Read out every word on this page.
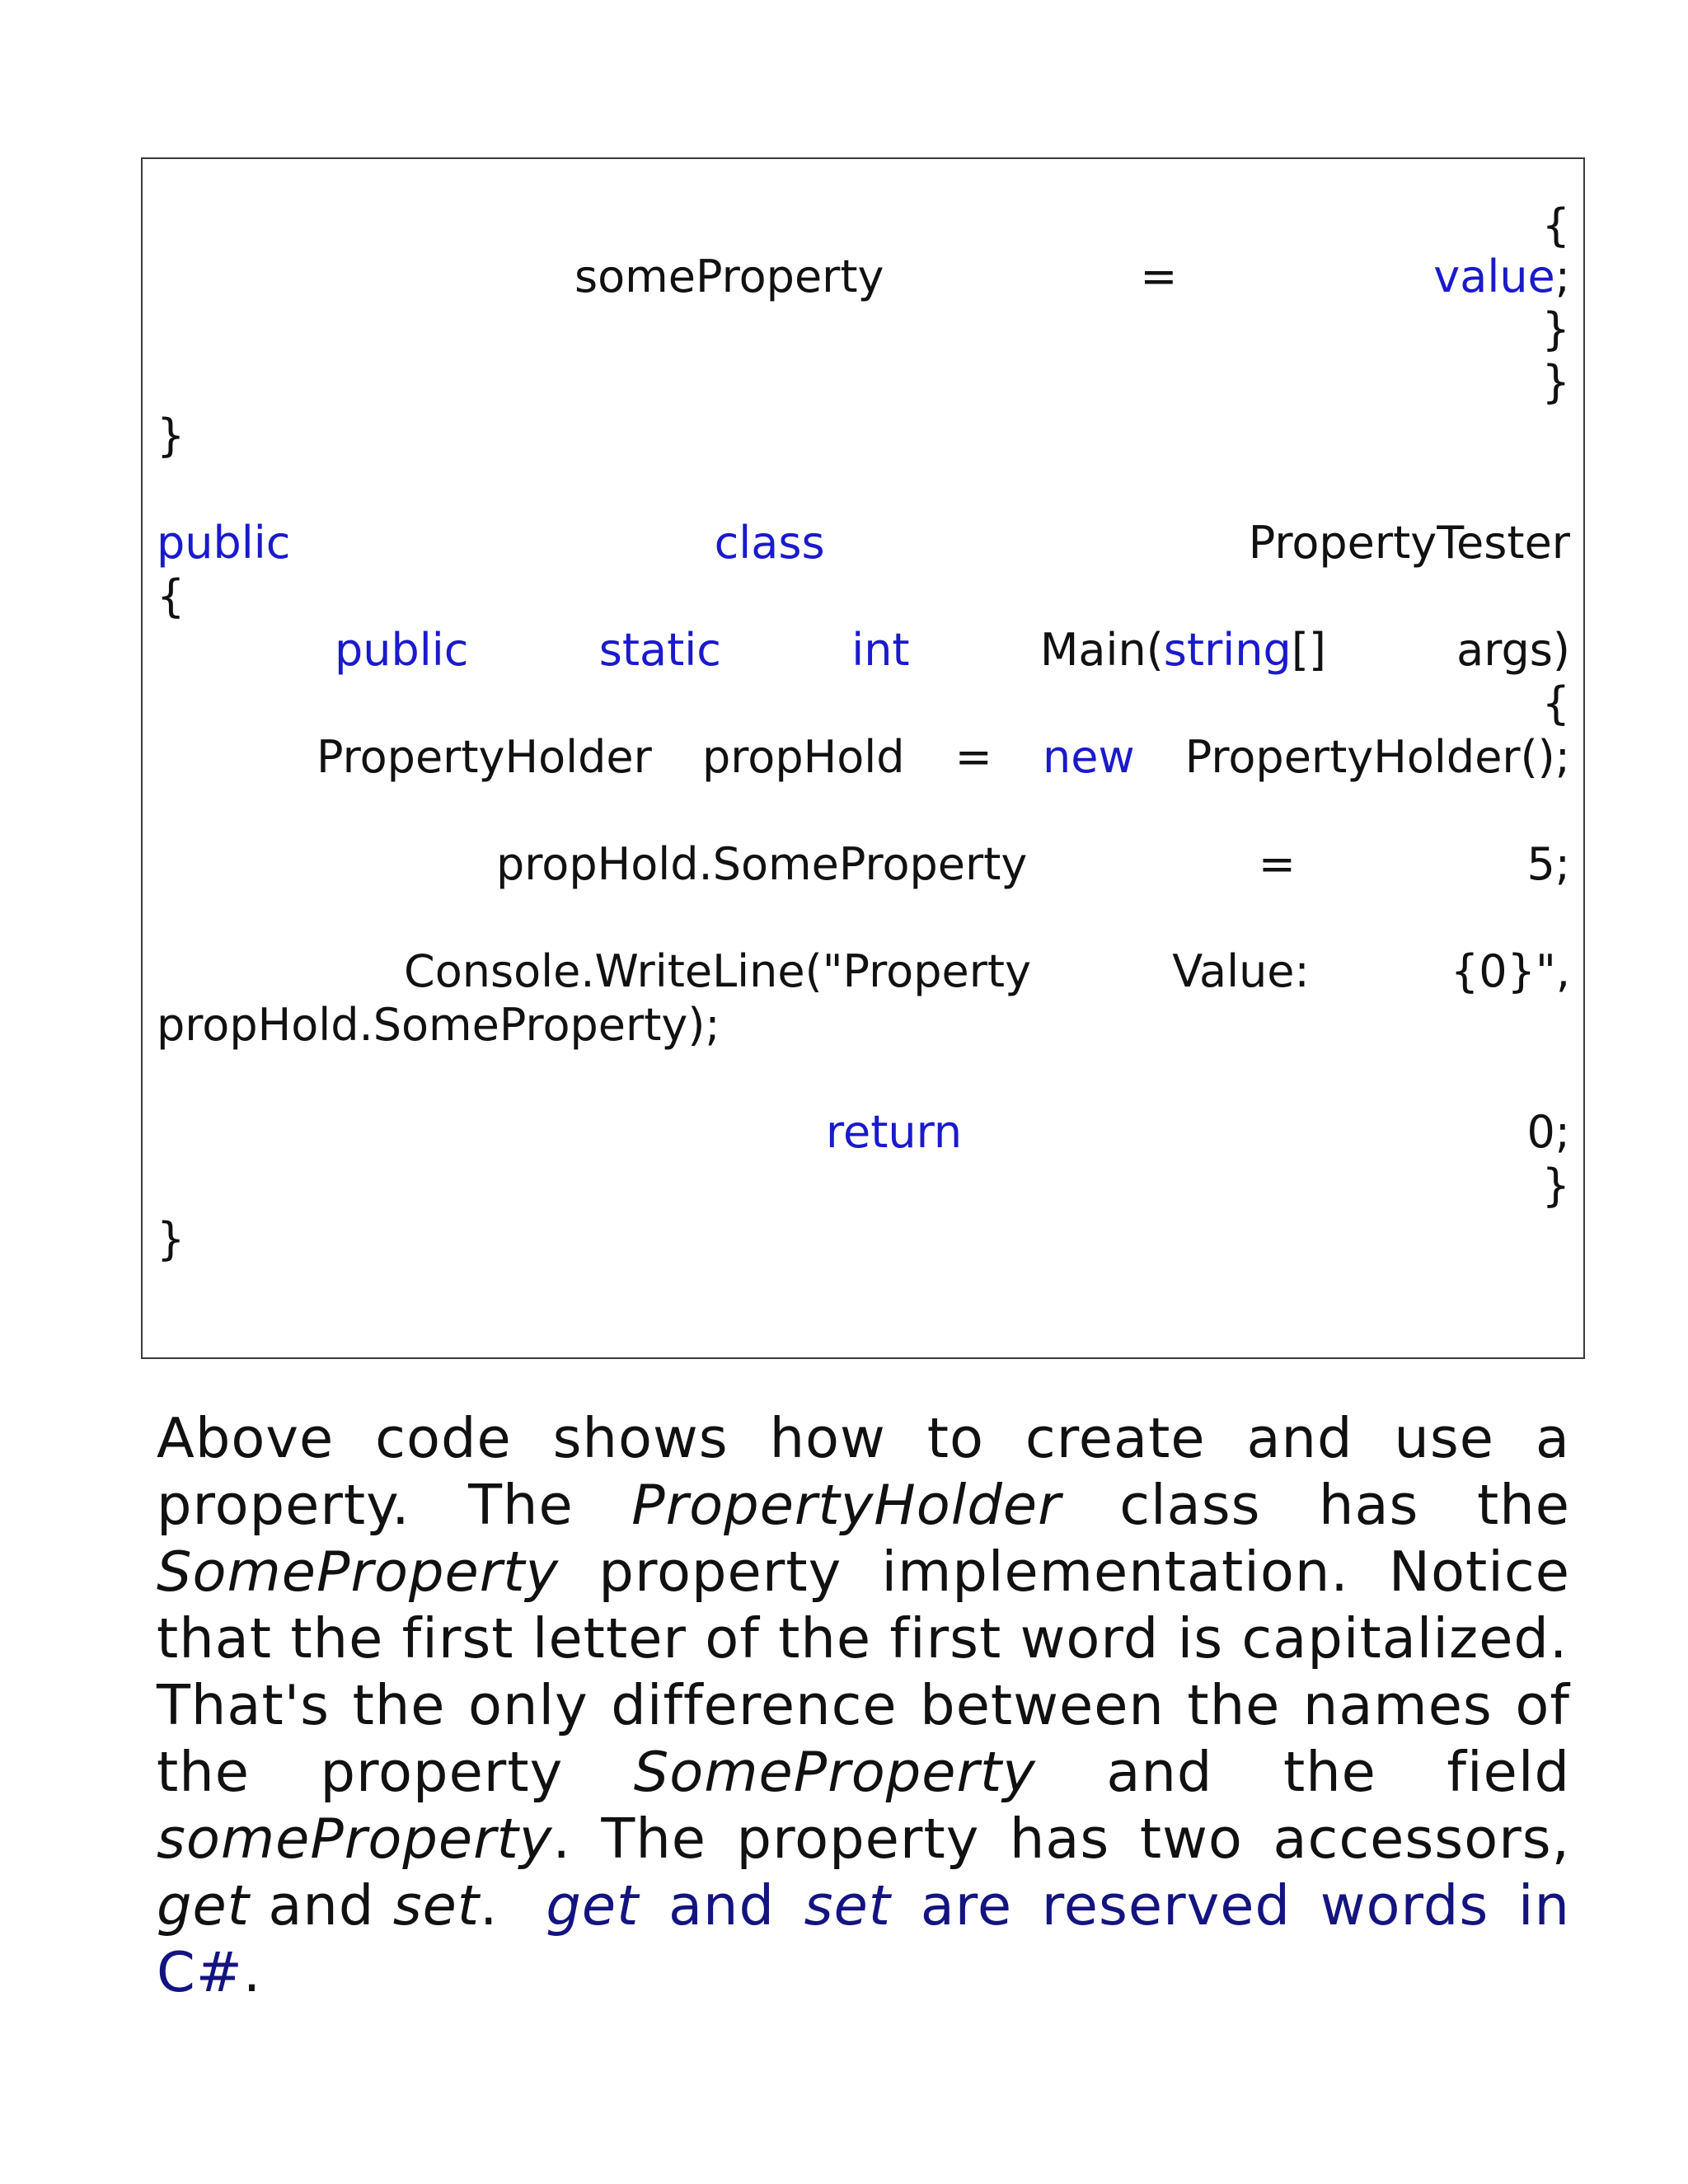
{
someProperty	=	value;
}
}
}
public	class	PropertyTester
{
public	static	int	Main(string[]	args)
{
PropertyHolder propHold = new PropertyHolder();
propHold.SomeProperty	=	5;
Console.WriteLine("Property	Value:	{0}",
propHold.SomeProperty);
return	0;
}
}
Above code shows how to create and use a
property. The PropertyHolder class has the
SomeProperty property implementation. Notice
that the first letter of the first word is capitalized.
That's the only difference between the names of
the property SomeProperty and the field
someProperty. The property has two accessors,
get and set. get and set are reserved words in
C#.
